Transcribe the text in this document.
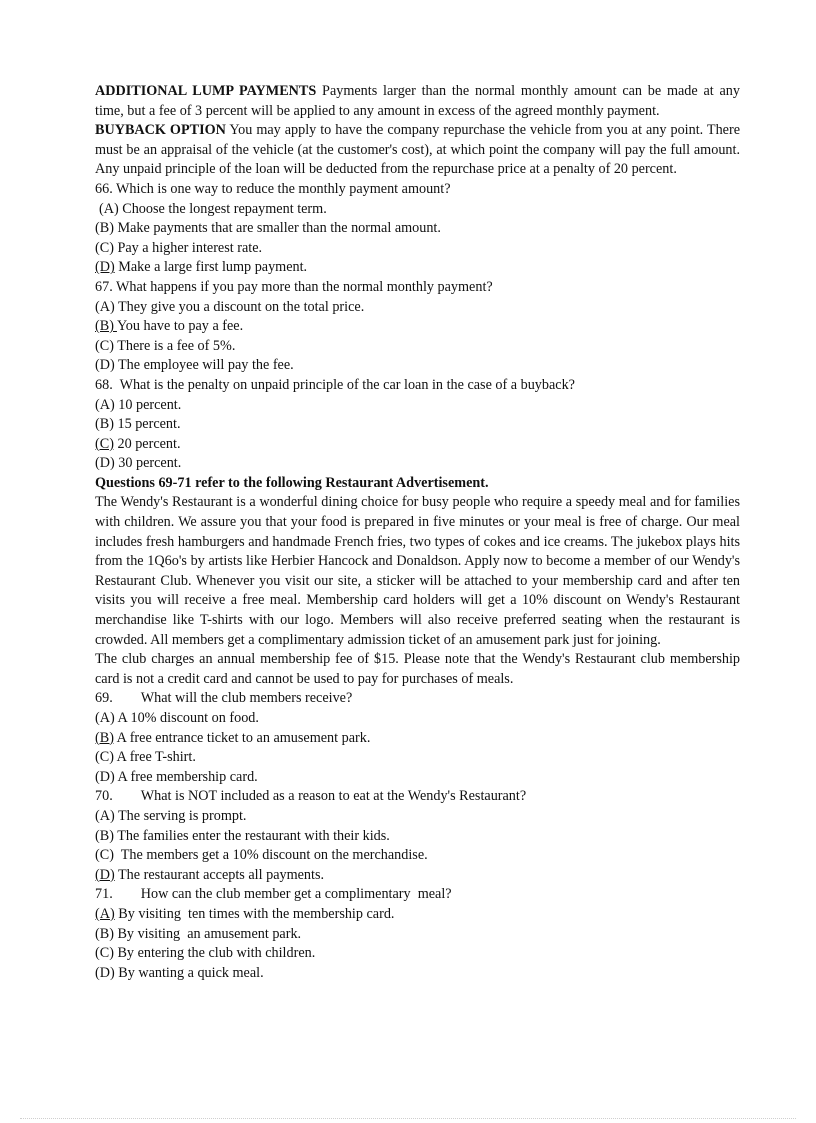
ADDITIONAL LUMP PAYMENTS Payments larger than the normal monthly amount can be made at any time, but a fee of 3 percent will be applied to any amount in excess of the agreed monthly payment.

BUYBACK OPTION You may apply to have the company repurchase the vehicle from you at any point. There must be an appraisal of the vehicle (at the customer's cost), at which point the company will pay the full amount. Any unpaid principle of the loan will be deducted from the repurchase price at a penalty of 20 percent.

66. Which is one way to reduce the monthly payment amount?

(A) Choose the longest repayment term.

(B) Make payments that are smaller than the normal amount.

(C) Pay a higher interest rate.

(D) Make a large first lump payment.

67. What happens if you pay more than the normal monthly payment?

(A) They give you a discount on the total price.

(B) You have to pay a fee.

(C) There is a fee of 5%.

(D) The employee will pay the fee.

68.  What is the penalty on unpaid principle of the car loan in the case of a buyback?

(A) 10 percent.

(B) 15 percent.

(C) 20 percent.

(D) 30 percent.

Questions 69-71 refer to the following Restaurant Advertisement.

The Wendy's Restaurant is a wonderful dining choice for busy people who require a speedy meal and for families with children. We assure you that your food is prepared in five minutes or your meal is free of charge. Our meal includes fresh hamburgers and handmade French fries, two types of cokes and ice creams. The jukebox plays hits from the 1Q6o's by artists like Herbier Hancock and Donaldson. Apply now to become a member of our Wendy's Restaurant Club. Whenever you visit our site, a sticker will be attached to your membership card and after ten visits you will receive a free meal. Membership card holders will get a 10% discount on Wendy's Restaurant merchandise like T-shirts with our logo. Members will also receive preferred seating when the restaurant is crowded. All members get a complimentary admission ticket of an amusement park just for joining.

The club charges an annual membership fee of $15. Please note that the Wendy's Restaurant club membership card is not a credit card and cannot be used to pay for purchases of meals.

69. What will the club members receive?

(A) A 10% discount on food.

(B) A free entrance ticket to an amusement park.

(C) A free T-shirt.

(D) A free membership card.

70. What is NOT included as a reason to eat at the Wendy's Restaurant?

(A) The serving is prompt.

(B) The families enter the restaurant with their kids.

(C)  The members get a 10% discount on the merchandise.

(D) The restaurant accepts all payments.

71. How can the club member get a complimentary  meal?

(A) By visiting  ten times with the membership card.

(B) By visiting  an amusement park.

(C) By entering the club with children.

(D) By wanting a quick meal.
